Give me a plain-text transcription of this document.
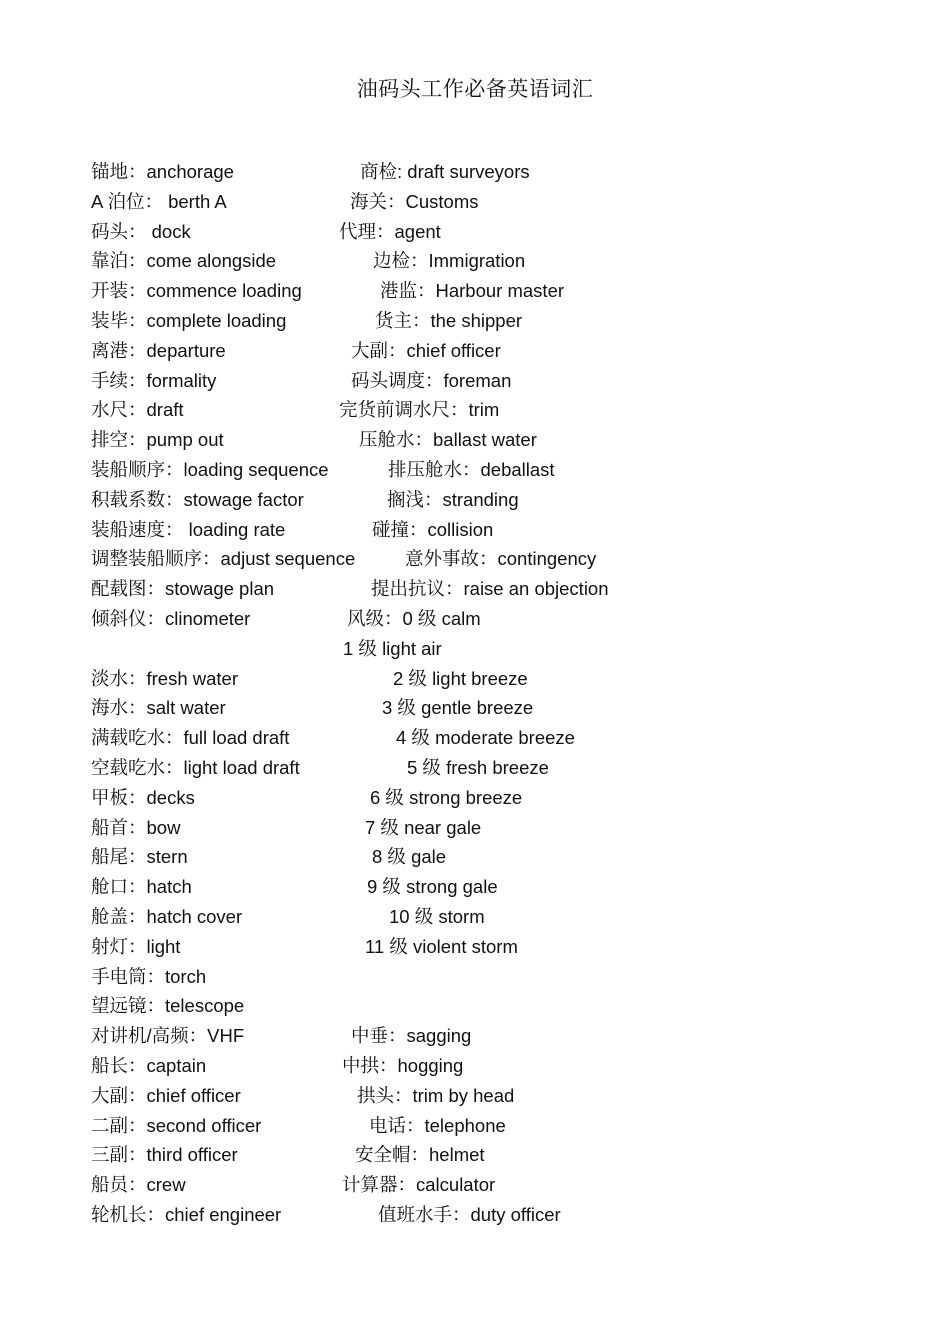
油码头工作必备英语词汇
锚地：anchorage	商检: draft surveyors
A 泊位： berth A	海关：Customs
码头： dock	代理：agent
靠泊：come alongside	边检：Immigration
开装：commence loading	港监：Harbour master
装毕：complete loading	货主：the shipper
离港：departure	大副：chief officer
手续：formality	码头调度：foreman
水尺：draft	完货前调水尺：trim
排空：pump out	压舱水：ballast water
装船顺序：loading sequence	排压舱水：deballast
积载系数：stowage factor	搁浅：stranding
装船速度： loading rate	碰撞：collision
调整装船顺序：adjust sequence	意外事故：contingency
配载图：stowage plan	提出抗议：raise an objection
倾斜仪：clinometer	风级：0 级 calm
1 级 light air
淡水：fresh water	2 级 light breeze
海水：salt water	3 级 gentle breeze
满载吃水：full load draft	4 级 moderate breeze
空载吃水：light load draft	5 级 fresh breeze
甲板：decks	6 级 strong breeze
船首：bow	7 级 near gale
船尾：stern	8 级 gale
舱口：hatch	9 级 strong gale
舱盖：hatch cover	10 级 storm
射灯：light	11 级 violent storm
手电筒：torch
望远镜：telescope
对讲机/高频：VHF	中垂：sagging
船长：captain	中拱：hogging
大副：chief officer	拱头：trim by head
二副：second officer	电话：telephone
三副：third officer	安全帽：helmet
船员：crew	计算器：calculator
轮机长：chief engineer	值班水手：duty officer
